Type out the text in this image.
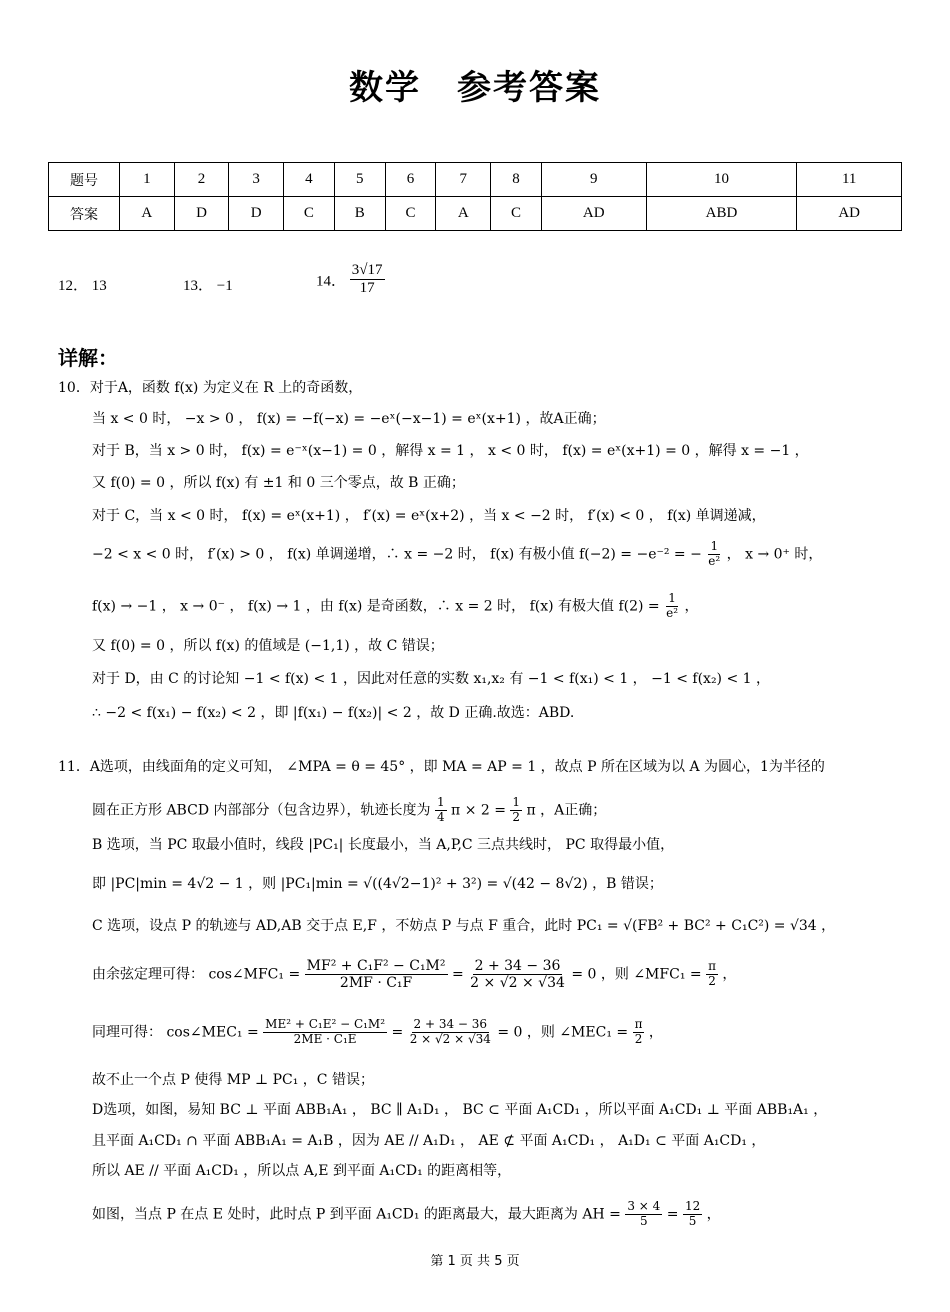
数学　参考答案
题号	1	2	3	4	5	6	7	8	9	10	11
答案	A	D	D	C	B	C	A	C	AD	ABD	AD
12． 13	13． −1	14． $\frac{3√17}{17}$
详解：
10．对于A，函数 f(x) 为定义在 R 上的奇函数，
当 x < 0 时， −x > 0 ， f(x) = −f(−x) = −eˣ(−x−1) = eˣ(x+1) ，故A正确；
对于 B，当 x > 0 时， f(x) = e⁻ˣ(x−1) = 0 ，解得 x = 1 ， x < 0 时， f(x) = eˣ(x+1) = 0 ，解得 x = −1 ，
又 f(0) = 0 ，所以 f(x) 有 ±1 和 0 三个零点，故 B 正确；
对于 C，当 x < 0 时， f(x) = eˣ(x+1) ， f′(x) = eˣ(x+2) ，当 x < −2 时， f′(x) < 0 ， f(x) 单调递减，
−2 < x < 0 时， f′(x) > 0 ， f(x) 单调递增，∴ x = −2 时， f(x) 有极小值 f(−2) = −e⁻² = − $\frac{1}{\text{e²}}$ ， x → 0⁺ 时，
f(x) → −1 ， x → 0⁻ ， f(x) → 1 ，由 f(x) 是奇函数，∴ x = 2 时， f(x) 有极大值 $f(2) = \frac{1}{\text{e²}}$ ，
又 f(0) = 0 ，所以 f(x) 的值域是 (−1,1) ，故 C 错误；
对于 D，由 C 的讨论知 −1 < f(x) < 1 ，因此对任意的实数 x₁,x₂ 有 −1 < f(x₁) < 1 ， −1 < f(x₂) < 1 ，
∴ −2 < f(x₁) − f(x₂) < 2 ，即 |f(x₁) − f(x₂)| < 2 ，故 D 正确.故选：ABD.
11．A选项，由线面角的定义可知， ∠MPA = θ = 45° ，即 MA = AP = 1 ，故点 P 所在区域为以 A 为圆心，1为半径的
圆在正方形 ABCD 内部部分（包含边界），轨迹长度为 $\frac{1}{4}$ $\pi \times 2 = \frac{1}{2}$ π ，A正确；
B 选项，当 PC 取最小值时，线段 |PC₁| 长度最小，当 A,P,C 三点共线时， PC 取得最小值，
即 |PC|min = 4√2 − 1 ，则 |PC₁|min = √((4√2−1)² + 3²) = √(42 − 8√2) ，B 错误；
C 选项，设点 P 的轨迹与 AD,AB 交于点 E,F ，不妨点 P 与点 F 重合，此时 PC₁ = √(FB² + BC² + C₁C²) = √34 ，
由余弦定理可得： cos∠MFC₁ = $\frac{\text{MF² + C₁F² − C₁M²}}{\text{2MF · C₁F}} = \frac{2 + 34 - 36}{2 \times √2 \times √34} = 0$ ，则 ∠MFC₁ = $\frac{\pi}{2}$ ，
同理可得： cos∠MEC₁ = $\frac{\text{ME² + C₁E² − C₁M²}}{\text{2ME · C₁E}} = \frac{2 + 34 - 36}{2 \times √2 \times √34} = 0$ ，则 ∠MEC₁ = $\frac{\pi}{2}$ ，
故不止一个点 P 使得 MP ⊥ PC₁ ，C 错误；
D选项，如图，易知 BC ⊥ 平面 ABB₁A₁ ， BC ∥ A₁D₁ ， BC ⊂ 平面 A₁CD₁ ，所以平面 A₁CD₁ ⊥ 平面 ABB₁A₁ ，
且平面 A₁CD₁ ∩ 平面 ABB₁A₁ = A₁B ，因为 AE // A₁D₁ ， AE ⊄ 平面 A₁CD₁ ， A₁D₁ ⊂ 平面 A₁CD₁ ，
所以 AE // 平面 A₁CD₁ ，所以点 A,E 到平面 A₁CD₁ 的距离相等，
如图，当点 P 在点 E 处时，此时点 P 到平面 A₁CD₁ 的距离最大，最大距离为 AH = $\frac{3 \times 4}{5} = \frac{12}{5}$ ，
第 1 页 共 5 页
